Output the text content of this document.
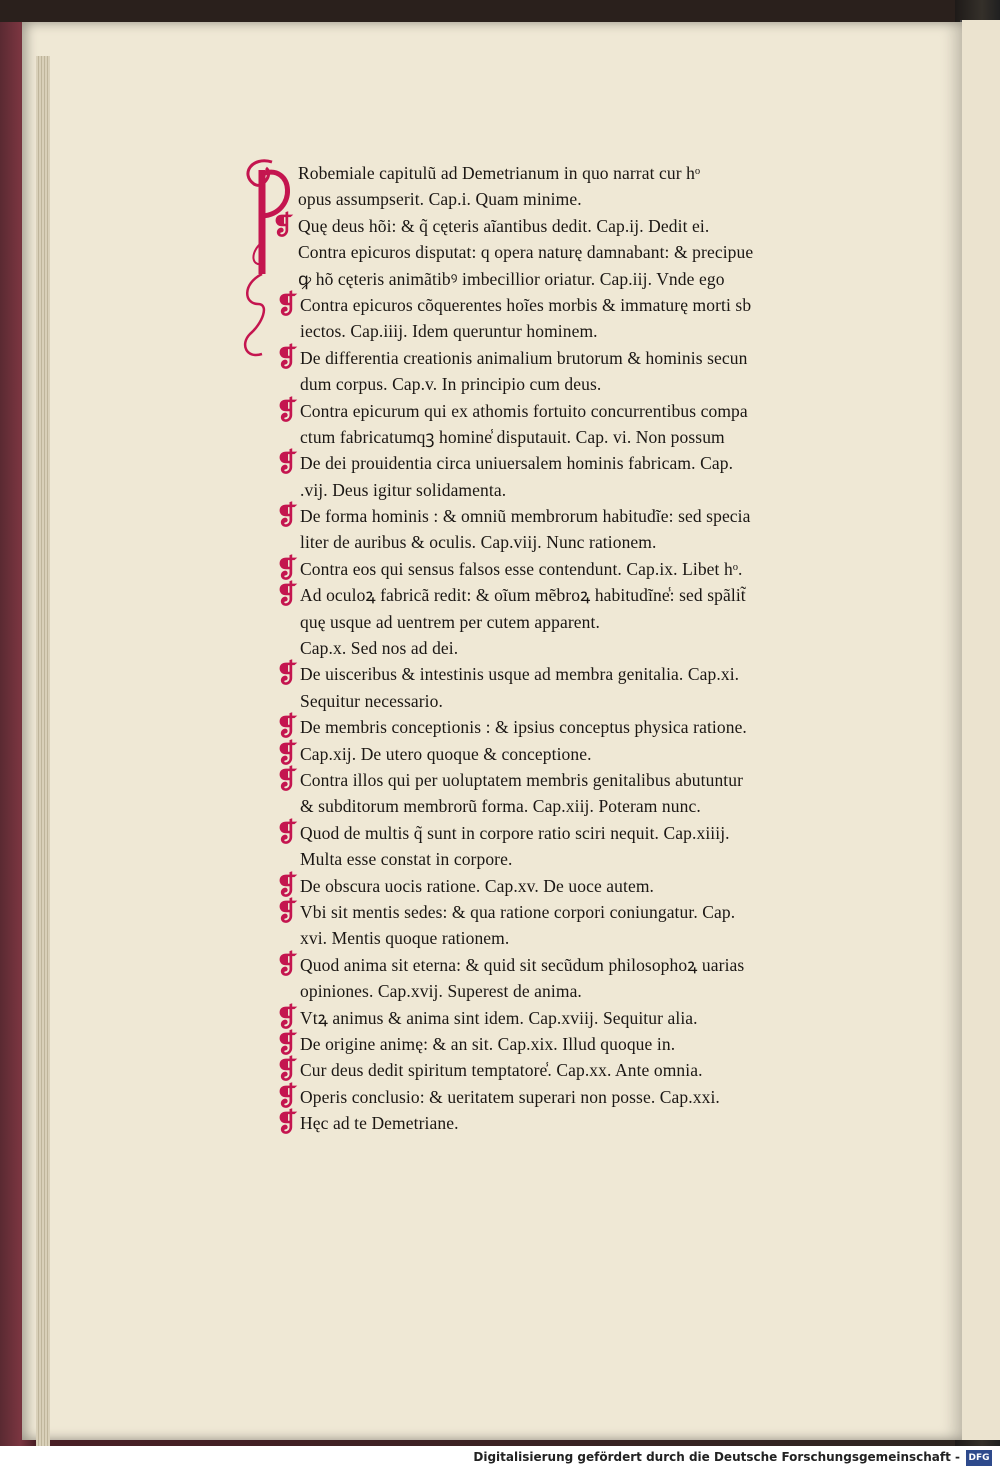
Robemiale capitulũ ad Demetrianum in quo narrat cur hᵒ
opus assumpserit. Cap.i. Quam minime.
❡ Quę deus hõi: & q̃ cęteris aĩantibus dedit. Cap.ij. Dedit ei.
Contra epicuros disputat: q opera naturę damnabant: & precipue
ꝙ hõ cęteris animãtibꝰ imbecillior oriatur. Cap.iij. Vnde ego
❡ Contra epicuros cõquerentes hoĩes morbis & immaturę morti sb
iectos. Cap.iiij. Idem queruntur hominem.
❡ De differentia creationis animalium brutorum & hominis secun
dum corpus. Cap.v. In principio cum deus.
❡ Contra epicurum qui ex athomis fortuito concurrentibus compa
ctum fabricatumqꝫ homine̾ disputauit. Cap. vi. Non possum
❡ De dei prouidentia circa uniuersalem hominis fabricam. Cap.
.vij. Deus igitur solidamenta.
❡ De forma hominis : & omniũ membrorum habitudĩe: sed specia
liter de auribus & oculis. Cap.viij. Nunc rationem.
❡ Contra eos qui sensus falsos esse contendunt. Cap.ix. Libet hᵒ.
❡ Ad oculoꝝ fabricã redit: & oĩum mẽbroꝝ habitudĩne̾: sed spãlit̃
quę usque ad uentrem per cutem apparent.
Cap.x. Sed nos ad dei.
❡ De uisceribus & intestinis usque ad membra genitalia. Cap.xi.
Sequitur necessario.
❡ De membris conceptionis : & ipsius conceptus physica ratione.
❡ Cap.xij. De utero quoque & conceptione.
❡ Contra illos qui per uoluptatem membris genitalibus abutuntur
& subditorum membrorũ forma. Cap.xiij. Poteram nunc.
❡ Quod de multis q̃ sunt in corpore ratio sciri nequit. Cap.xiiij.
Multa esse constat in corpore.
❡ De obscura uocis ratione. Cap.xv. De uoce autem.
❡ Vbi sit mentis sedes: & qua ratione corpori coniungatur. Cap.
xvi. Mentis quoque rationem.
❡ Quod anima sit eterna: & quid sit secũdum philosophoꝝ uarias
opiniones. Cap.xvij. Superest de anima.
❡ Vtꝝ animus & anima sint idem. Cap.xviij. Sequitur alia.
❡ De origine animę: & an sit. Cap.xix. Illud quoque in.
❡ Cur deus dedit spiritum temptatore̾. Cap.xx. Ante omnia.
❡ Operis conclusio: & ueritatem superari non posse. Cap.xxi.
❡ Hęc ad te Demetriane.
Digitalisierung gefördert durch die Deutsche Forschungsgemeinschaft - DFG
